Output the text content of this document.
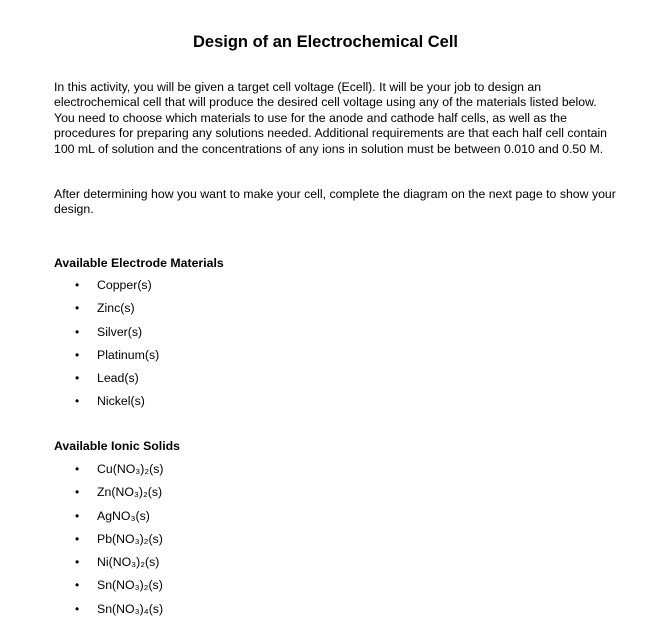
Design of an Electrochemical Cell

In this activity, you will be given a target cell voltage (Ecell). It will be your job to design an electrochemical cell that will produce the desired cell voltage using any of the materials listed below. You need to choose which materials to use for the anode and cathode half cells, as well as the procedures for preparing any solutions needed. Additional requirements are that each half cell contain 100 mL of solution and the concentrations of any ions in solution must be between 0.010 and 0.50 M.

After determining how you want to make your cell, complete the diagram on the next page to show your design.

Available Electrode Materials
• Copper(s)
• Zinc(s)
• Silver(s)
• Platinum(s)
• Lead(s)
• Nickel(s)
Available Ionic Solids
• Cu(NO₃)₂(s)
• Zn(NO₃)₂(s)
• AgNO₃(s)
• Pb(NO₃)₂(s)
• Ni(NO₃)₂(s)
• Sn(NO₃)₂(s)
• Sn(NO₃)₄(s)
